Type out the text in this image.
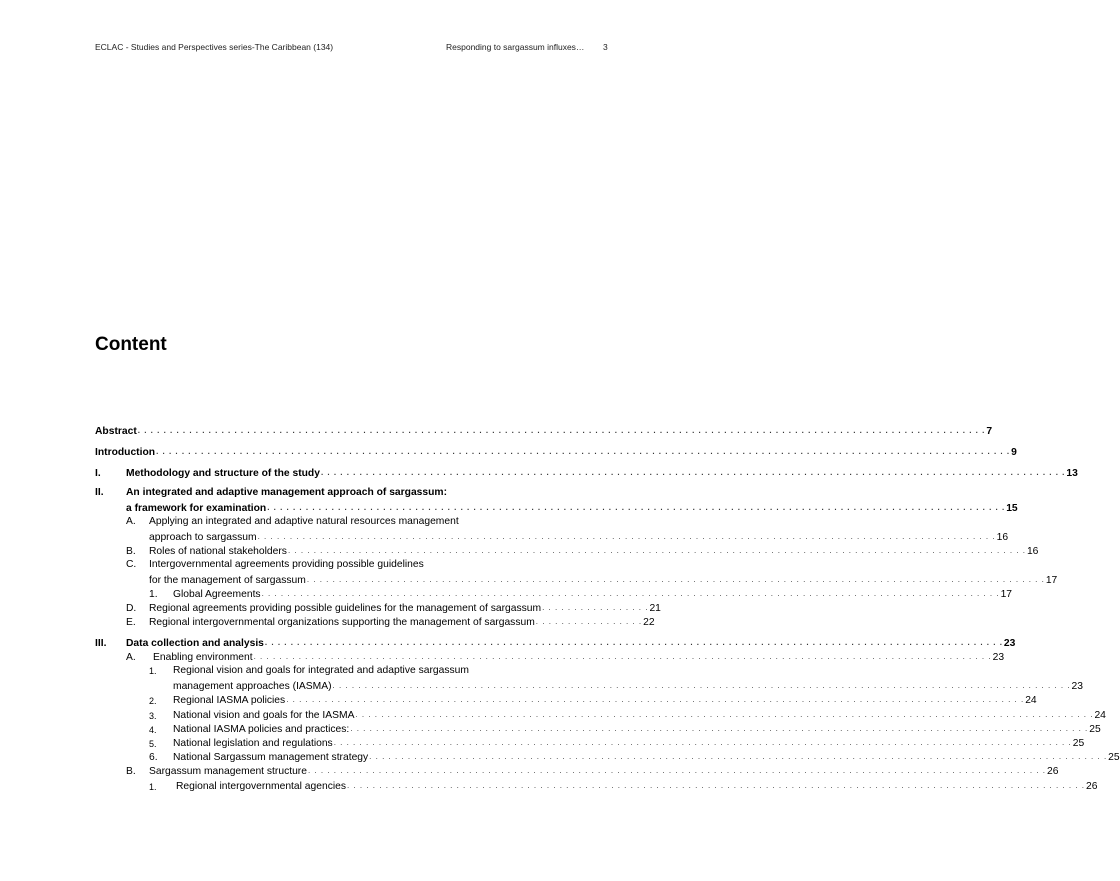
ECLAC - Studies and Perspectives series-The Caribbean (134)	Responding to sargassum influxes… 3
Content
Abstract . . . . . . . . . . . . . . . . . . . . . . . . . . . . . . . . . . . . . . . . . . . . . . . . . . . . . . . . . . . . . . . . . . . . . . . . . . . . . . . . . . . . . . . . . . . . . . . . . . . . . . . . . . . . . . . . . . . . . . . . . . . . . . . . . . . . 7
Introduction . . . . . . . . . . . . . . . . . . . . . . . . . . . . . . . . . . . . . . . . . . . . . . . . . . . . . . . . . . . . . . . . . . . . . . . . . . . . . . . . . . . . . . . . . . . . . . . . . . . . . . . . . . . . . . . . . . . . . . . . . . . . . . . . . . . . . 9
I. Methodology and structure of the study . . . . . . . . . . . . . . . . . . . . . . . . . . . . . . . . . . . . . . . . . . . . . . . . . . . . . . . . . . . . . . . . . . . . . . . . . . . . . . . . . . . . . . . . . . . . . . . . . . . . . . . . . . . . . . . . . . . . 13
II. An integrated and adaptive management approach of sargassum:
a framework for examination . . . . . . . . . . . . . . . . . . . . . . . . . . . . . . . . . . . . . . . . . . . . . . . . . . . . . . . . . . . . . . . . . . . . . . . . . . . . . . . . . . . . . . . . . . . . . . . . . . . . . . . . . . . . . . . . . . . 15
A. Applying an integrated and adaptive natural resources management
approach to sargassum . . . . . . . . . . . . . . . . . . . . . . . . . . . . . . . . . . . . . . . . . . . . . . . . . . . . . . . . . . . . . . . . . . . . . . . . . . . . . . . . . . . . . . . . . . . . . . . . . . . . . . . . . . . . . . . . . . . 16
B. Roles of national stakeholders . . . . . . . . . . . . . . . . . . . . . . . . . . . . . . . . . . . . . . . . . . . . . . . . . . . . . . . . . . . . . . . . . . . . . . . . . . . . . . . . . . . . . . . . . . . . . . . . . . . . . . . . . . . . . . . . . . . 16
C. Intergovernmental agreements providing possible guidelines
for the management of sargassum . . . . . . . . . . . . . . . . . . . . . . . . . . . . . . . . . . . . . . . . . . . . . . . . . . . . . . . . . . . . . . . . . . . . . . . . . . . . . . . . . . . . . . . . . . . . . . . . . . . . . . . . . . . . . . . . . . . 17
1. Global Agreements . . . . . . . . . . . . . . . . . . . . . . . . . . . . . . . . . . . . . . . . . . . . . . . . . . . . . . . . . . . . . . . . . . . . . . . . . . . . . . . . . . . . . . . . . . . . . . . . . . . . . . . . . . . . . . . . . . . 17
D. Regional agreements providing possible guidelines for the management of sargassum . . . . . . . . . . . . . . . . . 21
E. Regional intergovernmental organizations supporting the management of sargassum . . . . . . . . . . . . . . . . . 22
III. Data collection and analysis . . . . . . . . . . . . . . . . . . . . . . . . . . . . . . . . . . . . . . . . . . . . . . . . . . . . . . . . . . . . . . . . . . . . . . . . . . . . . . . . . . . . . . . . . . . . . . . . . . . . . . . . . . . . . . . . . . . 23
A. Enabling environment . . . . . . . . . . . . . . . . . . . . . . . . . . . . . . . . . . . . . . . . . . . . . . . . . . . . . . . . . . . . . . . . . . . . . . . . . . . . . . . . . . . . . . . . . . . . . . . . . . . . . . . . . . . . . . . . . . . 23
1. Regional vision and goals for integrated and adaptive sargassum
management approaches (IASMA) . . . . . . . . . . . . . . . . . . . . . . . . . . . . . . . . . . . . . . . . . . . . . . . . . . . . . . . . . . . . . . . . . . . . . . . . . . . . . . . . . . . . . . . . . . . . . . . . . . . . . . . . . . . . . . . . . . . 23
2. Regional IASMA policies . . . . . . . . . . . . . . . . . . . . . . . . . . . . . . . . . . . . . . . . . . . . . . . . . . . . . . . . . . . . . . . . . . . . . . . . . . . . . . . . . . . . . . . . . . . . . . . . . . . . . . . . . . . . . . . . . . . 24
3. National vision and goals for the IASMA . . . . . . . . . . . . . . . . . . . . . . . . . . . . . . . . . . . . . . . . . . . . . . . . . . . . . . . . . . . . . . . . . . . . . . . . . . . . . . . . . . . . . . . . . . . . . . . . . . . . . . . . . . . . . . . . . . . 24
4. National IASMA policies and practices: . . . . . . . . . . . . . . . . . . . . . . . . . . . . . . . . . . . . . . . . . . . . . . . . . . . . . . . . . . . . . . . . . . . . . . . . . . . . . . . . . . . . . . . . . . . . . . . . . . . . . . . . . . . . . . . . . . . 25
5. National legislation and regulations . . . . . . . . . . . . . . . . . . . . . . . . . . . . . . . . . . . . . . . . . . . . . . . . . . . . . . . . . . . . . . . . . . . . . . . . . . . . . . . . . . . . . . . . . . . . . . . . . . . . . . . . . . . . . . . . . . . 25
6. National Sargassum management strategy . . . . . . . . . . . . . . . . . . . . . . . . . . . . . . . . . . . . . . . . . . . . . . . . . . . . . . . . . . . . . . . . . . . . . . . . . . . . . . . . . . . . . . . . . . . . . . . . . . . . . . . . . . . . . . . . . . . 25
B. Sargassum management structure . . . . . . . . . . . . . . . . . . . . . . . . . . . . . . . . . . . . . . . . . . . . . . . . . . . . . . . . . . . . . . . . . . . . . . . . . . . . . . . . . . . . . . . . . . . . . . . . . . . . . . . . . . . . . . . . . . . 26
1. Regional intergovernmental agencies . . . . . . . . . . . . . . . . . . . . . . . . . . . . . . . . . . . . . . . . . . . . . . . . . . . . . . . . . . . . . . . . . . . . . . . . . . . . . . . . . . . . . . . . . . . . . . . . . . . . . . . . . . . . . . . . . . . 26
